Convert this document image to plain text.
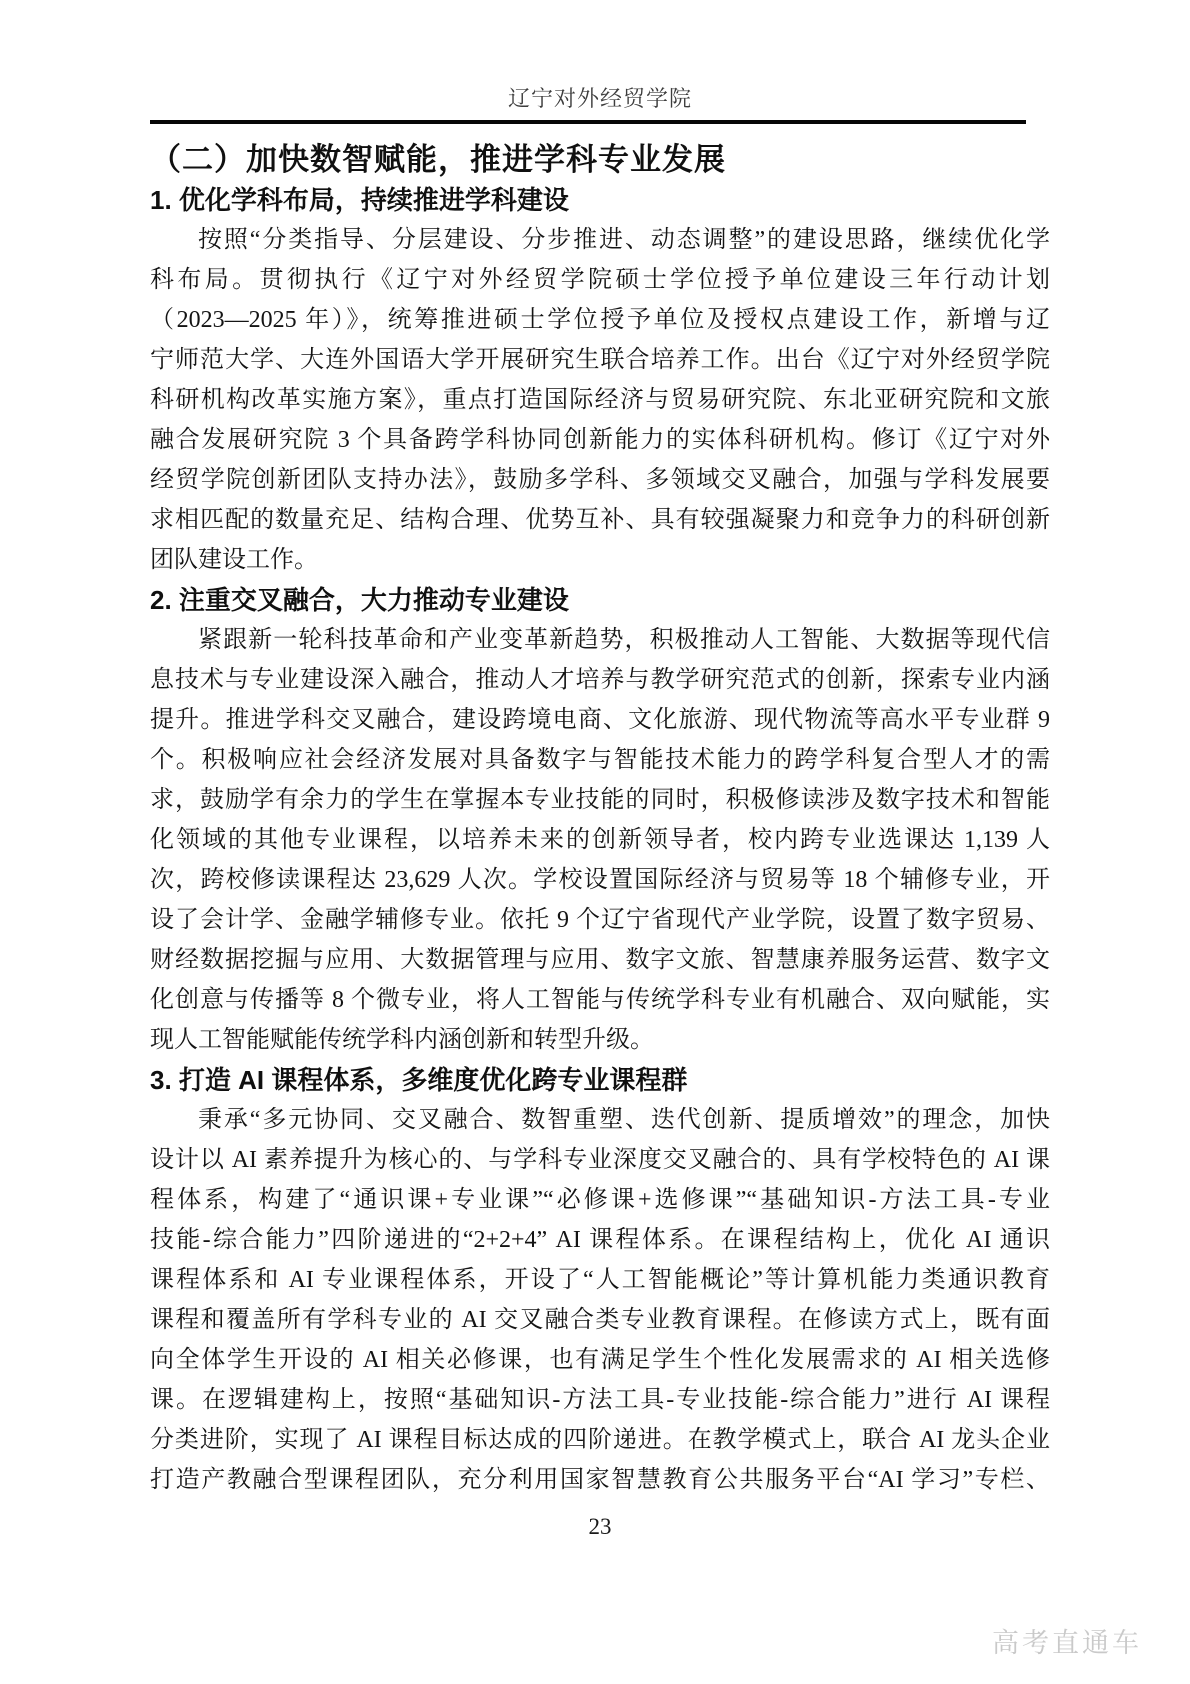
辽宁对外经贸学院
（二）加快数智赋能，推进学科专业发展
1. 优化学科布局，持续推进学科建设
按照“分类指导、分层建设、分步推进、动态调整”的建设思路，继续优化学
科布局。贯彻执行《辽宁对外经贸学院硕士学位授予单位建设三年行动计划
（2023—2025 年）》，统筹推进硕士学位授予单位及授权点建设工作，新增与辽
宁师范大学、大连外国语大学开展研究生联合培养工作。出台《辽宁对外经贸学院
科研机构改革实施方案》，重点打造国际经济与贸易研究院、东北亚研究院和文旅
融合发展研究院 3 个具备跨学科协同创新能力的实体科研机构。修订《辽宁对外
经贸学院创新团队支持办法》，鼓励多学科、多领域交叉融合，加强与学科发展要
求相匹配的数量充足、结构合理、优势互补、具有较强凝聚力和竞争力的科研创新
团队建设工作。
2. 注重交叉融合，大力推动专业建设
紧跟新一轮科技革命和产业变革新趋势，积极推动人工智能、大数据等现代信
息技术与专业建设深入融合，推动人才培养与教学研究范式的创新，探索专业内涵
提升。推进学科交叉融合，建设跨境电商、文化旅游、现代物流等高水平专业群 9
个。积极响应社会经济发展对具备数字与智能技术能力的跨学科复合型人才的需
求，鼓励学有余力的学生在掌握本专业技能的同时，积极修读涉及数字技术和智能
化领域的其他专业课程，以培养未来的创新领导者，校内跨专业选课达 1,139 人
次，跨校修读课程达 23,629 人次。学校设置国际经济与贸易等 18 个辅修专业，开
设了会计学、金融学辅修专业。依托 9 个辽宁省现代产业学院，设置了数字贸易、
财经数据挖掘与应用、大数据管理与应用、数字文旅、智慧康养服务运营、数字文
化创意与传播等 8 个微专业，将人工智能与传统学科专业有机融合、双向赋能，实
现人工智能赋能传统学科内涵创新和转型升级。
3. 打造 AI 课程体系，多维度优化跨专业课程群
秉承“多元协同、交叉融合、数智重塑、迭代创新、提质增效”的理念，加快
设计以 AI 素养提升为核心的、与学科专业深度交叉融合的、具有学校特色的 AI 课
程体系，构建了“通识课+专业课”“必修课+选修课”“基础知识-方法工具-专业
技能-综合能力”四阶递进的“2+2+4” AI 课程体系。在课程结构上，优化 AI 通识
课程体系和 AI 专业课程体系，开设了“人工智能概论”等计算机能力类通识教育
课程和覆盖所有学科专业的 AI 交叉融合类专业教育课程。在修读方式上，既有面
向全体学生开设的 AI 相关必修课，也有满足学生个性化发展需求的 AI 相关选修
课。在逻辑建构上，按照“基础知识-方法工具-专业技能-综合能力”进行 AI 课程
分类进阶，实现了 AI 课程目标达成的四阶递进。在教学模式上，联合 AI 龙头企业
打造产教融合型课程团队，充分利用国家智慧教育公共服务平台“AI 学习”专栏、
23
高考直通车
